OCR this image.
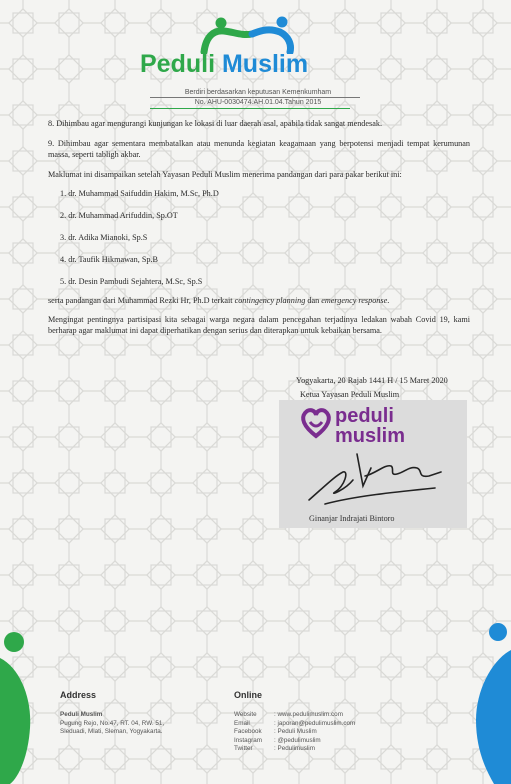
Peduli Muslim
Berdiri berdasarkan keputusan Kemenkumham
No. AHU-0030474.AH.01.04.Tahun 2015

8. Dihimbau agar mengurangi kunjungan ke lokasi di luar daerah asal, apabila tidak sangat mendesak.

9. Dihimbau agar sementara membatalkan atau menunda kegiatan keagamaan yang berpotensi menjadi tempat kerumunan massa, seperti tabligh akbar.

Maklumat ini disampaikan setelah Yayasan Peduli Muslim menerima pandangan dari para pakar berikut ini:

1. dr. Muhammad Saifuddin Hakim, M.Sc, Ph.D
2. dr. Muhammad Arifuddin, Sp.OT
3. dr. Adika Mianoki, Sp.S
4. dr. Taufik Hikmawan, Sp.B
5. dr. Desin Pambudi Sejahtera, M.Sc, Sp.S

serta pandangan dari Muhammad Rezki Hr, Ph.D terkait contingency planning dan emergency response.

Mengingat pentingnya partisipasi kita sebagai warga negara dalam pencegahan terjadinya ledakan wabah Covid 19, kami berharap agar maklumat ini dapat diperhatikan dengan serius dan diterapkan untuk kebaikan bersama.

Yogyakarta, 20 Rajab 1441 H / 15 Maret 2020
Ketua Yayasan Peduli Muslim
peduli
muslim
Ginanjar Indrajati Bintoro
Address
Peduli Muslim
Pugung Rejo, No.47, RT. 04, RW. 51,
Sleduadi, Mlati, Sleman, Yogyakarta.
Online
Website	: www.pedulimuslim.com
Email	: japoran@pedulimuslim.com
Facebook	: Peduli Muslim
Instagram	: @pedulimuslim
Twitter	: Pedulimuslim
